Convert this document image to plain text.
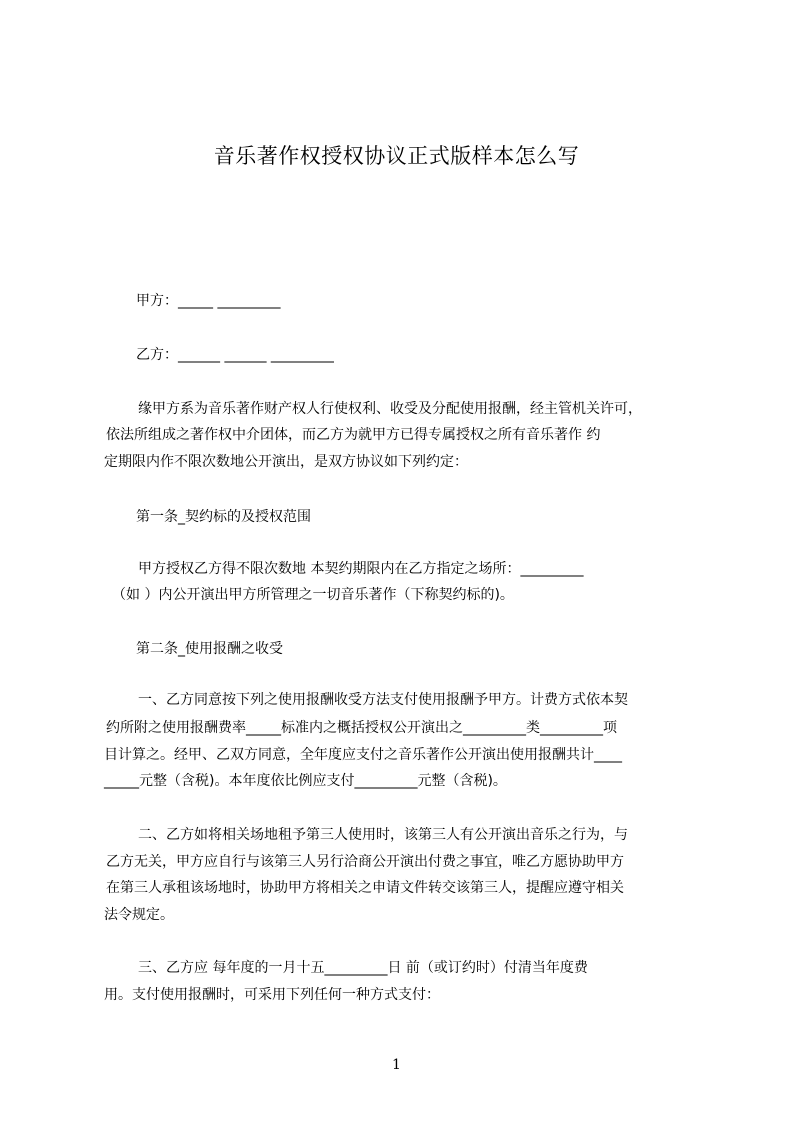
音乐著作权授权协议正式版样本怎么写

甲方：_____ _________

乙方：______ ______ _________

缘甲方系为音乐著作财产权人行使权利、收受及分配使用报酬，经主管机关许可，

依法所组成之著作权中介团体，而乙方为就甲方已得专属授权之所有音乐著作 约

定期限内作不限次数地公开演出，是双方协议如下列约定：

第一条_契约标的及授权范围

甲方授权乙方得不限次数地 本契约期限内在乙方指定之场所：_________

（如 ）内公开演出甲方所管理之一切音乐著作（下称契约标的)。

第二条_使用报酬之收受

一、乙方同意按下列之使用报酬收受方法支付使用报酬予甲方。计费方式依本契

约所附之使用报酬费率_____标准内之概括授权公开演出之_________类_________项

目计算之。经甲、乙双方同意，全年度应支付之音乐著作公开演出使用报酬共计____

_____元整（含税)。本年度依比例应支付_________元整（含税)。

二、乙方如将相关场地租予第三人使用时，该第三人有公开演出音乐之行为，与

乙方无关，甲方应自行与该第三人另行洽商公开演出付费之事宜，唯乙方愿协助甲方

在第三人承租该场地时，协助甲方将相关之申请文件转交该第三人，提醒应遵守相关

法令规定。

三、乙方应 每年度的一月十五_________日 前（或订约时）付清当年度费

用。支付使用报酬时，可采用下列任何一种方式支付：

1
